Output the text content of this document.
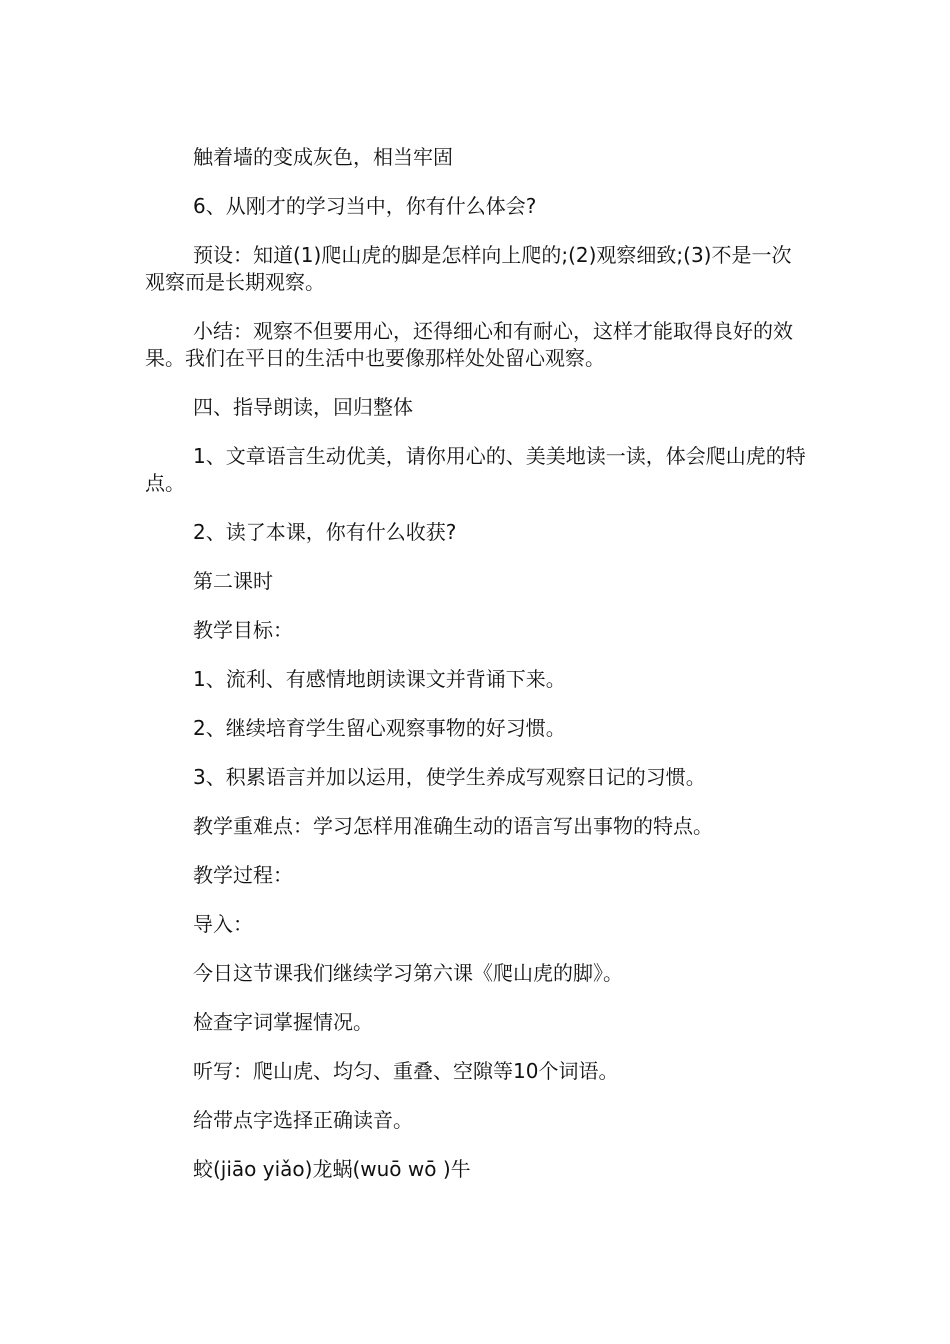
触着墙的变成灰色，相当牢固

6、从刚才的学习当中，你有什么体会?

预设：知道(1)爬山虎的脚是怎样向上爬的;(2)观察细致;(3)不是一次观察而是长期观察。

小结：观察不但要用心，还得细心和有耐心，这样才能取得良好的效果。我们在平日的生活中也要像那样处处留心观察。

四、指导朗读，回归整体

1、文章语言生动优美，请你用心的、美美地读一读，体会爬山虎的特点。

2、读了本课，你有什么收获?

第二课时

教学目标：

1、流利、有感情地朗读课文并背诵下来。

2、继续培育学生留心观察事物的好习惯。

3、积累语言并加以运用，使学生养成写观察日记的习惯。

教学重难点：学习怎样用准确生动的语言写出事物的特点。

教学过程：

导入：

今日这节课我们继续学习第六课《爬山虎的脚》。

检查字词掌握情况。

听写：爬山虎、均匀、重叠、空隙等10个词语。

给带点字选择正确读音。

蛟(jiāo yiǎo)龙蜗(wuō wō )牛
